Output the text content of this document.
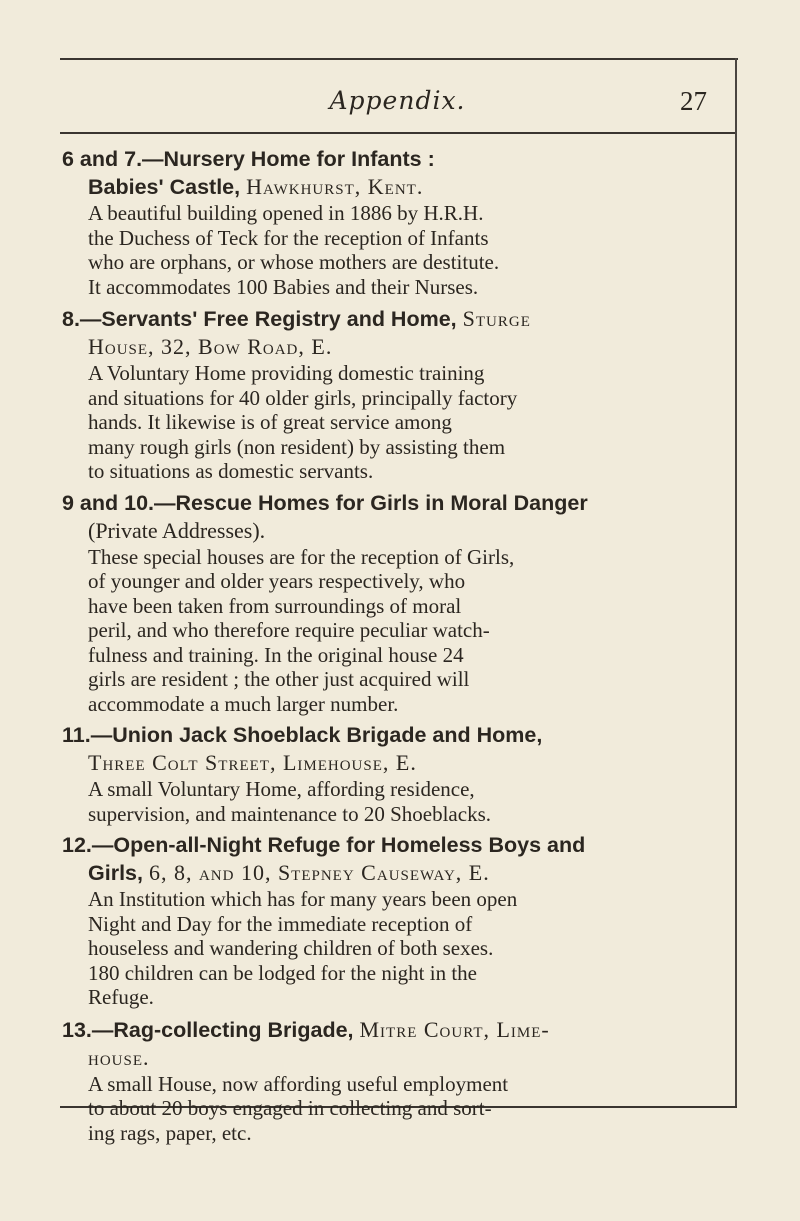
Appendix.	27
6 and 7.—Nursery Home for Infants :
Babies' Castle, Hawkhurst, Kent.
A beautiful building opened in 1886 by H.R.H.
the Duchess of Teck for the reception of Infants
who are orphans, or whose mothers are destitute.
It accommodates 100 Babies and their Nurses.
8.—Servants' Free Registry and Home, Sturge
House, 32, Bow Road, E.
A Voluntary Home providing domestic training
and situations for 40 older girls, principally factory
hands. It likewise is of great service among
many rough girls (non resident) by assisting them
to situations as domestic servants.
9 and 10.—Rescue Homes for Girls in Moral Danger
(Private Addresses).
These special houses are for the reception of Girls,
of younger and older years respectively, who
have been taken from surroundings of moral
peril, and who therefore require peculiar watch-
fulness and training. In the original house 24
girls are resident ; the other just acquired will
accommodate a much larger number.
11.—Union Jack Shoeblack Brigade and Home,
Three Colt Street, Limehouse, E.
A small Voluntary Home, affording residence,
supervision, and maintenance to 20 Shoeblacks.
12.—Open-all-Night Refuge for Homeless Boys and
Girls, 6, 8, and 10, Stepney Causeway, E.
An Institution which has for many years been open
Night and Day for the immediate reception of
houseless and wandering children of both sexes.
180 children can be lodged for the night in the
Refuge.
13.—Rag-collecting Brigade, Mitre Court, Lime-
house.
A small House, now affording useful employment
to about 20 boys engaged in collecting and sort-
ing rags, paper, etc.
